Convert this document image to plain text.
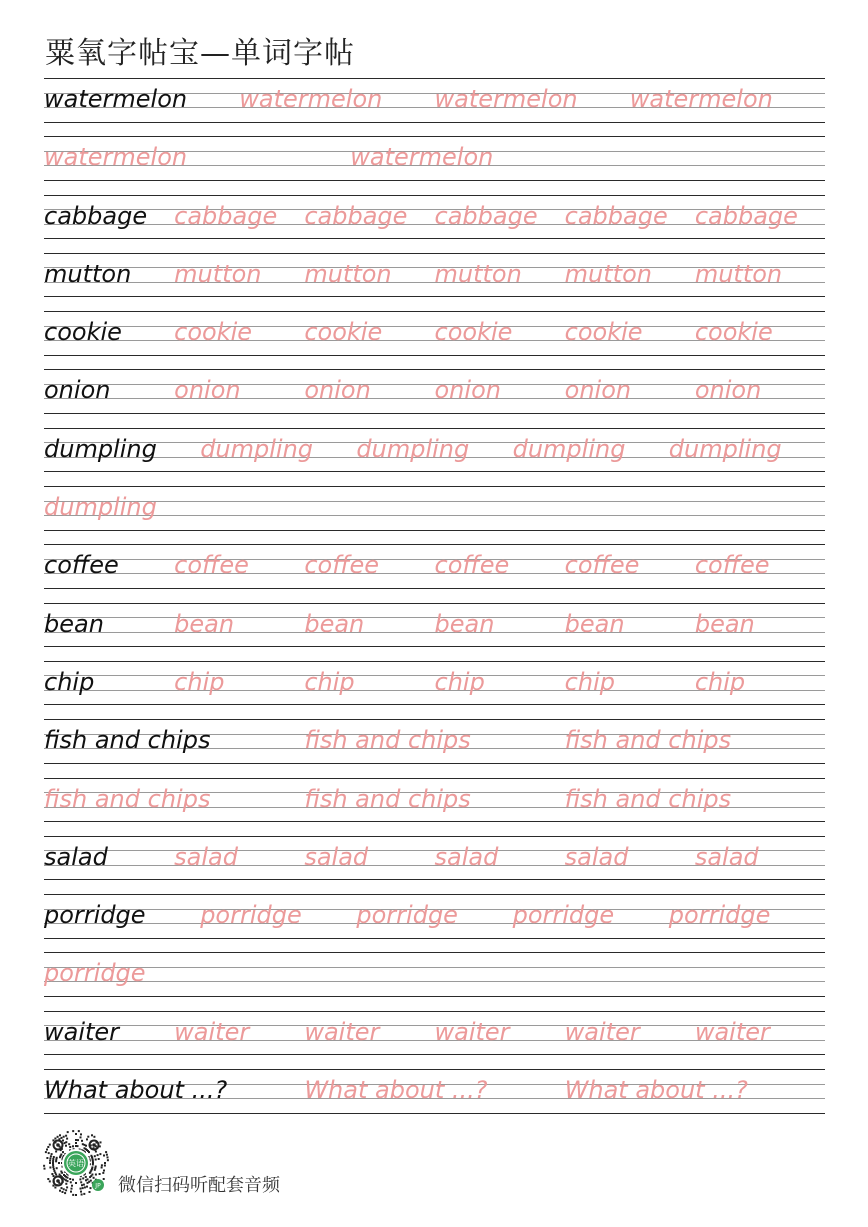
粟氧字帖宝—单词字帖
watermelon watermelon watermelon watermelon
watermelon	watermelon
cabbage cabbage cabbage cabbage cabbage cabbage
mutton mutton mutton mutton mutton mutton
cookie cookie cookie cookie cookie cookie
onion	onion	onion	onion	onion	onion
dumpling dumpling dumpling dumpling dumpling
dumpling
coffee coffee coffee coffee coffee coffee
bean	bean	bean	bean	bean	bean
chip	chip	chip	chip	chip	chip
fish and chips	fish and chips	fish and chips
fish and chips	fish and chips	fish and chips
salad	salad	salad	salad	salad	salad
porridge porridge porridge porridge porridge
porridge
waiter waiter waiter waiter waiter waiter
What about ...?	What about ...?	What about ...?
英语
JP 微信扫码听配套音频
